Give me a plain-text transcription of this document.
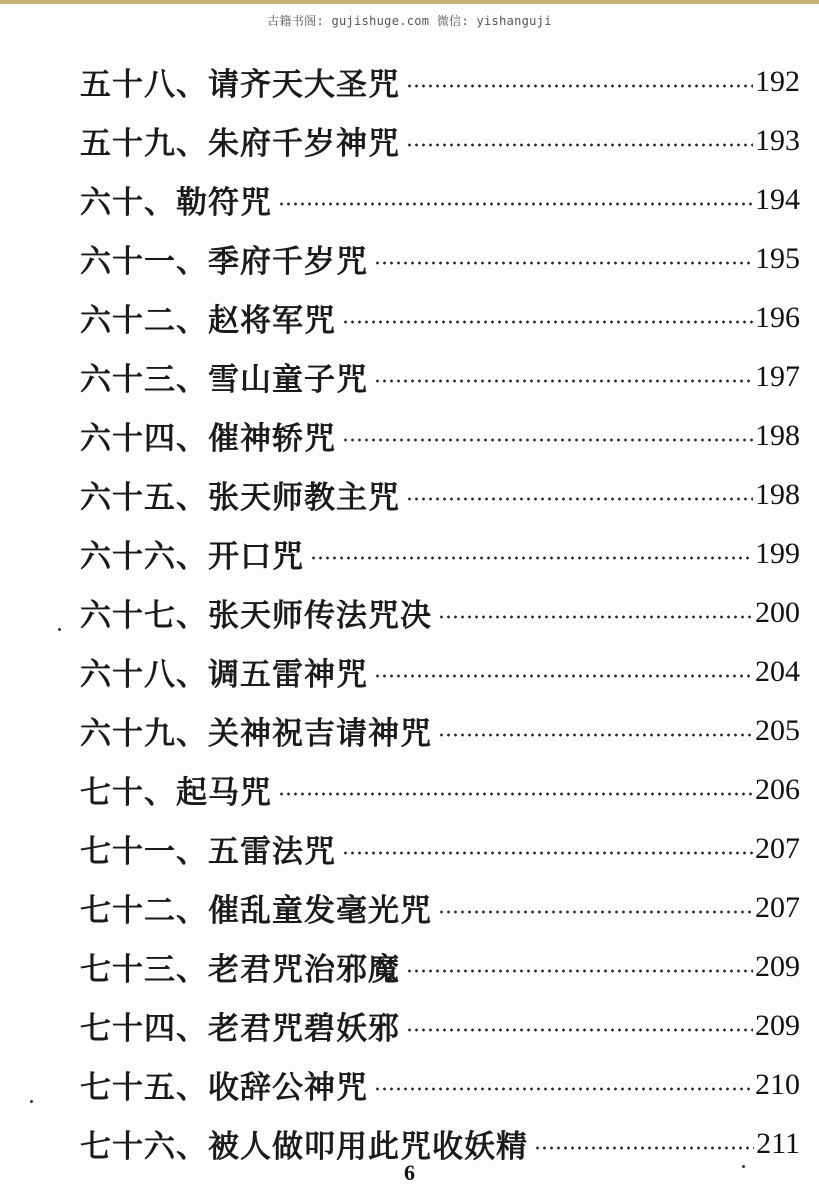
古籍书阁: gujishuge.com 微信: yishanguji
五十八、请齐天大圣咒	192
五十九、朱府千岁神咒	193
六十、勒符咒	194
六十一、季府千岁咒	195
六十二、赵将军咒	196
六十三、雪山童子咒	197
六十四、催神轿咒	198
六十五、张天师教主咒	198
六十六、开口咒	199
六十七、张天师传法咒决	200
六十八、调五雷神咒	204
六十九、关神祝吉请神咒	205
七十、起马咒	206
七十一、五雷法咒	207
七十二、催乱童发毫光咒	207
七十三、老君咒治邪魔	209
七十四、老君咒碧妖邪	209
七十五、收辞公神咒	210
七十六、被人做叩用此咒收妖精	211
6
